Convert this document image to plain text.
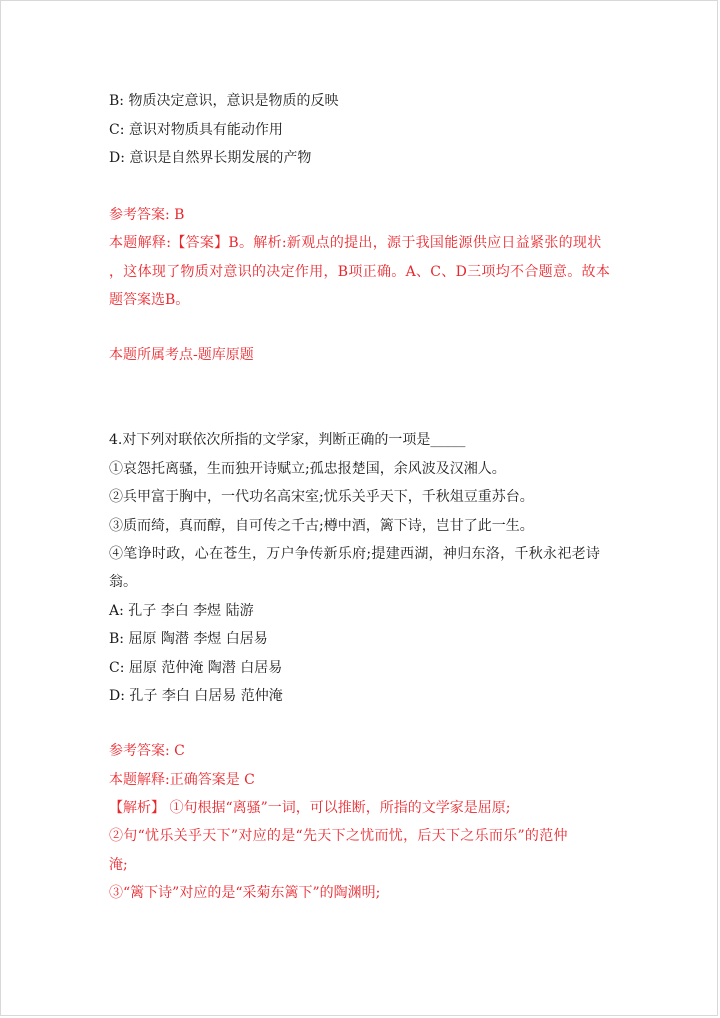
B: 物质决定意识，意识是物质的反映
C: 意识对物质具有能动作用
D: 意识是自然界长期发展的产物
参考答案: B
本题解释:【答案】B。解析:新观点的提出，源于我国能源供应日益紧张的现状
，这体现了物质对意识的决定作用，B项正确。A、C、D三项均不合题意。故本
题答案选B。
本题所属考点-题库原题
4.对下列对联依次所指的文学家，判断正确的一项是_____
①哀怨托离骚，生而独开诗赋立;孤忠报楚国，余风波及汉湘人。
②兵甲富于胸中，一代功名高宋室;忧乐关乎天下，千秋俎豆重苏台。
③质而绮，真而醇，自可传之千古;樽中酒，篱下诗，岂甘了此一生。
④笔诤时政，心在苍生，万户争传新乐府;提建西湖，神归东洛，千秋永祀老诗
翁。
A: 孔子 李白 李煜 陆游
B: 屈原 陶潜 李煜 白居易
C: 屈原 范仲淹 陶潜 白居易
D: 孔子 李白 白居易 范仲淹
参考答案: C
本题解释:正确答案是 C
【解析】 ①句根据“离骚”一词，可以推断，所指的文学家是屈原;
②句“忧乐关乎天下”对应的是“先天下之忧而忧，后天下之乐而乐”的范仲
淹;
③“篱下诗”对应的是“采菊东篱下”的陶渊明;
